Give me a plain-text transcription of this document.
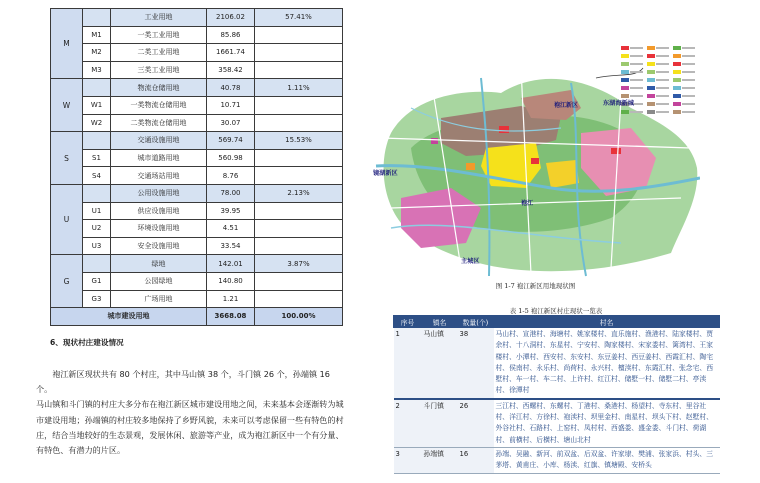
M		工业用地	2106.02	57.41%
	M1	一类工业用地	85.86	
	M2	二类工业用地	1661.74	
	M3	三类工业用地	358.42	
W		物流仓储用地	40.78	1.11%
	W1	一类物流仓储用地	10.71	
	W2	二类物流仓储用地	30.07	
S		交通设施用地	569.74	15.53%
	S1	城市道路用地	560.98	
	S4	交通场站用地	8.76	
U		公用设施用地	78.00	2.13%
	U1	供应设施用地	39.95	
	U2	环境设施用地	4.51	
	U3	安全设施用地	33.54	
G		绿地	142.01	3.87%
	G1	公园绿地	140.80	
	G3	广场用地	1.21	
城市建设用地			3668.08	100.00%
6、现状村庄建设情况

袍江新区现状共有 80 个村庄，其中马山镇 38 个，斗门镇 26 个，孙端镇 16 个。

马山镇和斗门镇的村庄大多分布在袍江新区城市建设用地之间，未来基本会逐渐转为城市建设用地；孙端镇的村庄较多地保持了乡野风貌，未来可以考虑保留一些有特色的村庄，结合当地较好的生态景观，发展休闲、旅游等产业，成为袍江新区中一个有分量、有特色、有潜力的片区。

袍江新区	东湖海新城
镜湖新区
主城区
袍江
图 1-7 袍江新区用地现状图
表 1-5 袍江新区村庄现状一览表
序号	镇名	数量(个)	村名
1	马山镇	38	马山村、宣港村、海塘村、姚家楼村、直乐施村、渔港村、陆家楼村、贾余村、十八洞村、东星村、宁安村、陶家楼村、宋家娄村、篱湾村、王家楼村、小潭村、西安村、东安村、东豆姜村、西豆姜村、西霞汇村、陶宅村、侯南村、永乐村、尚荷村、永兴村、檀渎村、东霞汇村、张念宅、西墅村、车一村、车二村、上许村、红江村、储墅一村、储墅二村、亭渎村、徐潭村
2	斗门镇	26	三江村、西螺村、东螺村、丁港村、桑港村、杨望村、寺东村、里谷社村、洋江村、方徐村、袍渎村、坝里金村、南星村、坝头下村、赵墅村、外谷社村、石路村、上窑村、凤村村、西盛娄、盛金娄、斗门村、荷湖村、前横村、后横村、塘山北村
3	孙端镇	16	孙端、吴融、新河、前双盆、后双盆、许家埭、樊浦、张家浜、村头、三茅塔、黄甫庄、小库、杨渎、红旗、镇塘殿、安桥头
